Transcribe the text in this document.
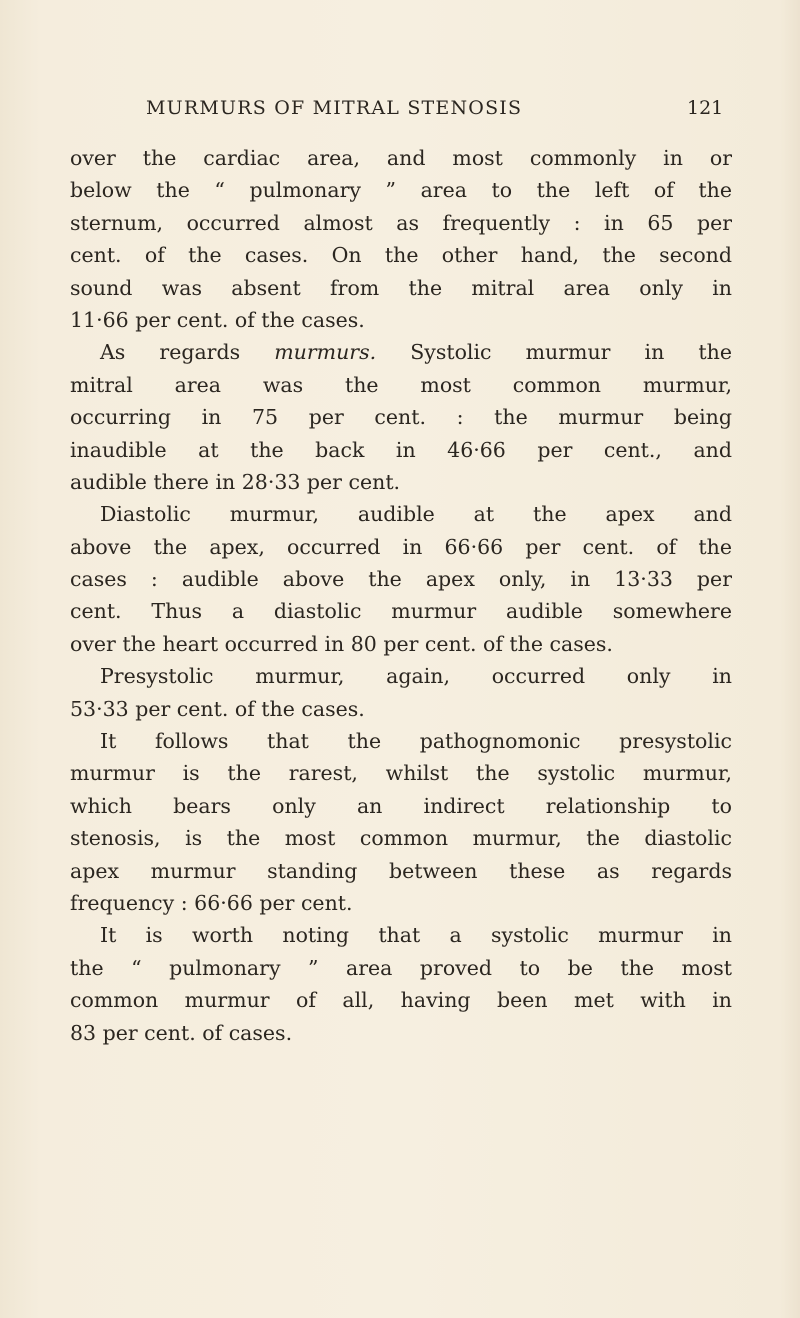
MURMURS OF MITRAL STENOSIS	121
over the cardiac area, and most commonly in or
below the “ pulmonary ” area to the left of the
sternum, occurred almost as frequently : in 65 per
cent. of the cases. On the other hand, the second
sound was absent from the mitral area only in
11·66 per cent. of the cases.
As regards murmurs. Systolic murmur in the
mitral area was the most common murmur,
occurring in 75 per cent. : the murmur being
inaudible at the back in 46·66 per cent., and
audible there in 28·33 per cent.
Diastolic murmur, audible at the apex and
above the apex, occurred in 66·66 per cent. of the
cases : audible above the apex only, in 13·33 per
cent. Thus a diastolic murmur audible somewhere
over the heart occurred in 80 per cent. of the cases.
Presystolic murmur, again, occurred only in
53·33 per cent. of the cases.
It follows that the pathognomonic presystolic
murmur is the rarest, whilst the systolic murmur,
which bears only an indirect relationship to
stenosis, is the most common murmur, the diastolic
apex murmur standing between these as regards
frequency : 66·66 per cent.
It is worth noting that a systolic murmur in
the “ pulmonary ” area proved to be the most
common murmur of all, having been met with in
83 per cent. of cases.
